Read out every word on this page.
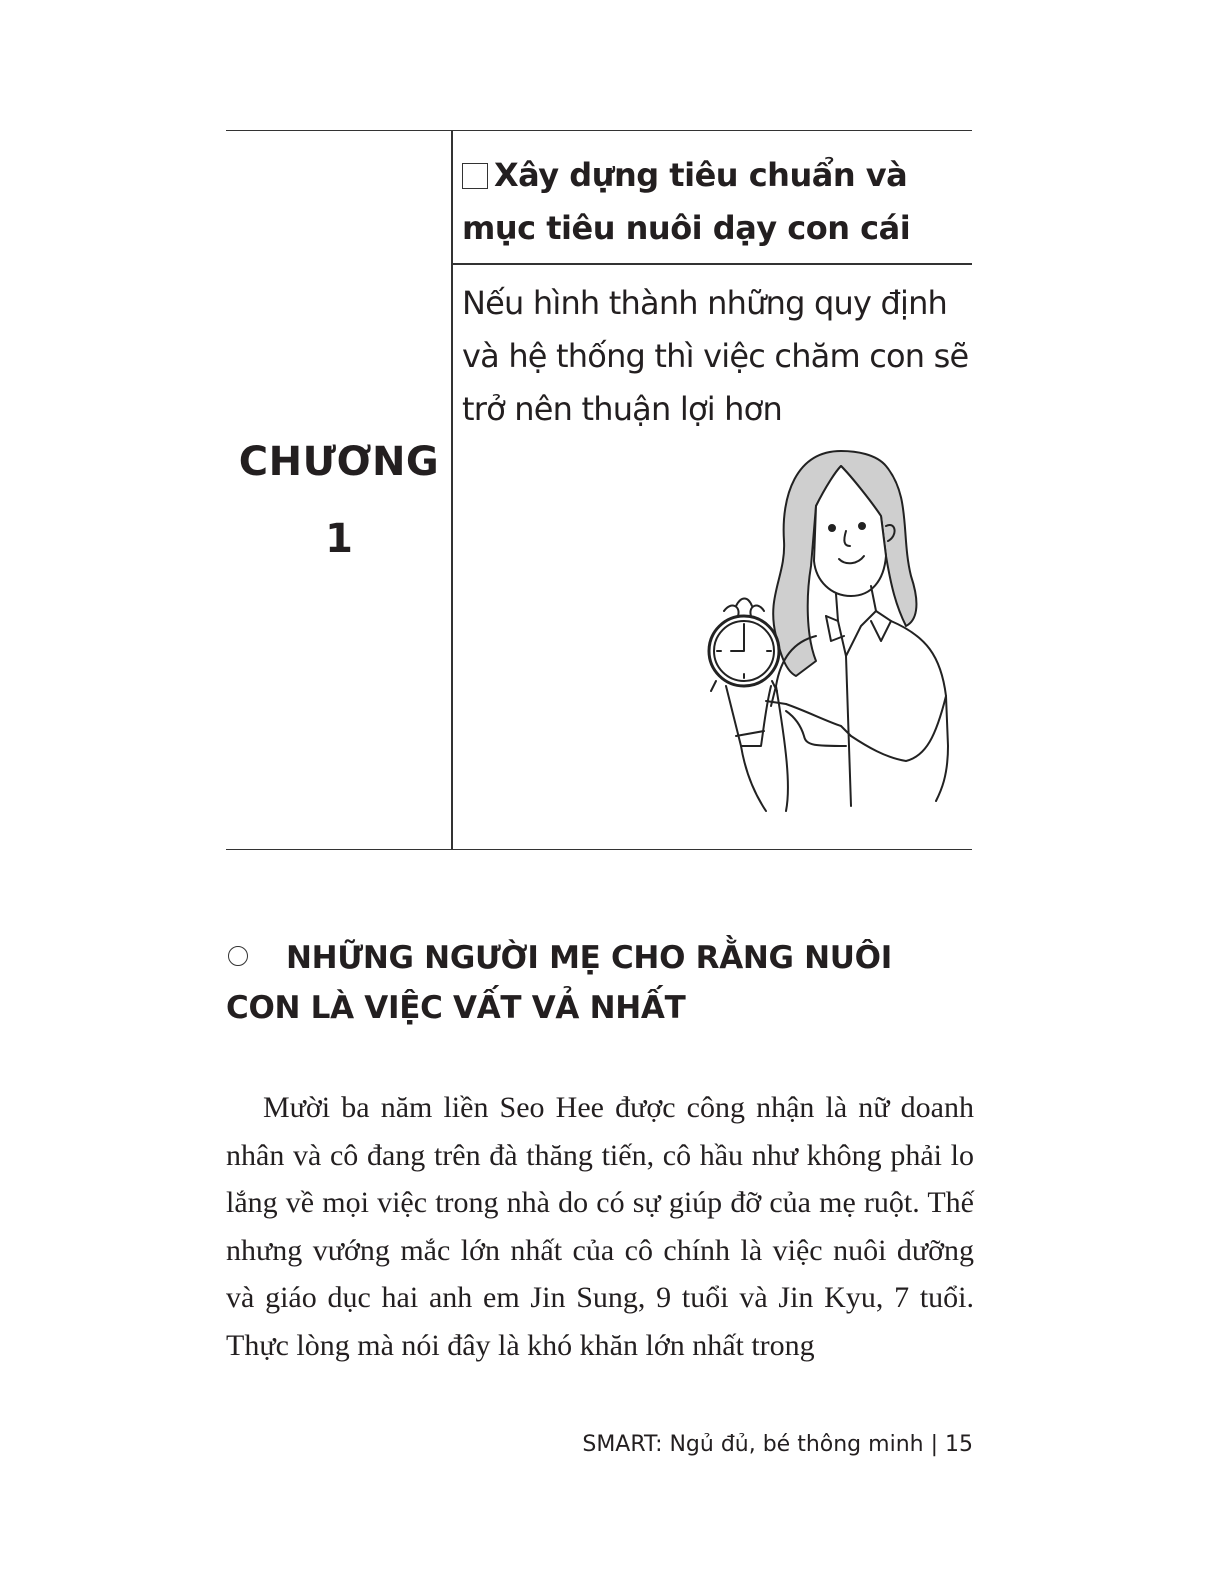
CHƯƠNG
1
Xây dựng tiêu chuẩn và mục tiêu nuôi dạy con cái
Nếu hình thành những quy định và hệ thống thì việc chăm con sẽ trở nên thuận lợi hơn
NHỮNG NGƯỜI MẸ CHO RẰNG NUÔI CON LÀ VIỆC VẤT VẢ NHẤT

Mười ba năm liền Seo Hee được công nhận là nữ doanh nhân và cô đang trên đà thăng tiến, cô hầu như không phải lo lắng về mọi việc trong nhà do có sự giúp đỡ của mẹ ruột. Thế nhưng vướng mắc lớn nhất của cô chính là việc nuôi dưỡng và giáo dục hai anh em Jin Sung, 9 tuổi và Jin Kyu, 7 tuổi. Thực lòng mà nói đây là khó khăn lớn nhất trong

SMART: Ngủ đủ, bé thông minh | 15
